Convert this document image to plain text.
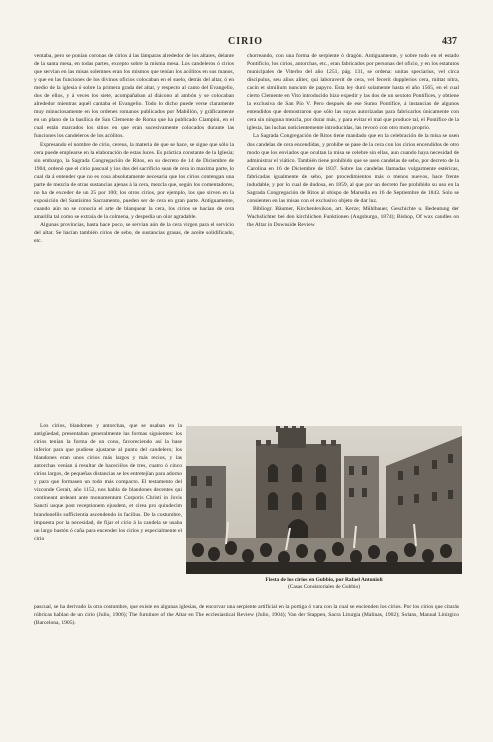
CIRIO	437

ventaba, pero se ponían coronas de cirios á las lámparas alrededor de los altares, delante de la santa mesa, en todas partes, excepto sobre la misma mesa. Los candeleros ó cirios que servían en las misas solemnes eran los mismos que tenían los acólitos en sus manos, y que en las funciones de los divinos oficios colocaban en el suelo, detrás del altar, ó en medio de la iglesia ó sobre la primera grada del altar, y respecto al canto del Evangelio, dos de ellos, y á veces los siete, acompañaban al diácono al ambón y se colocaban alrededor mientras aquél cantaba el Evangelio. Todo lo dicho puede verse claramente muy minuciosamente en los ordenes romanos publicados por Mabillón, y gráficamente en un plano de la basílica de San Clemente de Roma que ha publicado Ciampini, en el cual están marcados los sitios en que eran sucesivamente colocados durante las funciones los candeleros de los acólitos.

Expresando el nombre de cirio, cereus, la materia de que se hace, se sigue que sólo la cera puede emplearse en la elaboración de estas luces. Es práctica constante de la Iglesia; sin embargo, la Sagrada Congregación de Ritos, en su decreto de 14 de Diciembre de 1904, ordenó que el cirio pascual y los dos del sacrificio sean de cera in maxima parte, lo cual da á entender que no es cosa absolutamente necesaria que los cirios contengan una parte de mezcla de otras sustancias ajenas á la cera, mezcla que, según los comentadores, no ha de exceder de un 25 por 100; los otros cirios, por ejemplo, los que sirven en la exposición del Santísimo Sacramento, pueden ser de cera en gran parte. Antiguamente, cuando aún no se conocía el arte de blanquear la cera, los cirios se hacían de cera amarilla tal como se extraía de la colmena, y despedía un olor agradable.

Algunas provincias, hasta hace poco, se servían aún de la cera virgen para el servicio del altar. Se hacían también cirios de sebo, de sustancias grasas, de aceite solidificado, etc.

chorreando, con una forma de serpiente ó dragón. Antiguamente, y sobre todo en el estado Pontificio, los cirios, antorchas, etc., eran fabricados por personas del oficio, y en los estatutos municipales de Viterbo del año 1251, pág. 131, se ordena: unitas speciarius, vel circa discipulus, seu alius aliter, qui laboraverit de cera, vel fecerit dupplerios cera, mittat nitra, cacin et similium nuncum de papyro. Esta ley duró solamente hasta el año 1565, en el cual cierto Clemente en Vito introducido hizo expedir y las dos de un sextoto Pontífices, y obtiene la exclusiva de San Pío V. Pero después de ese Sumo Pontífice, á instancias de algunos entendidos que demostraron que sólo las suyas autorizadas para fabricarlos únicamente con cera sin ninguna mezcla, por durar más, y para evitar el mal que produce tal, el Pontífice de la iglesia, las luchas noticientemente introducidas, las revocó con otro motu proprio.

La Sagrada Congregación de Ritos tiene mandado que en la celebración de la misa se usen dos candelas de cera encendidas, y prohíbe se pase de la cera con los cirios encendidos de otro modo que los enviados que ocultan la misa se celebre sin ellas, aun cuando haya necesidad de administrar el viático. También tiene prohibido que se usen candelas de sebo, por decreto de la Carolina en 16 de Diciembre de 1837. Sobre las candelas llamadas vulgarmente estéricas, fabricadas igualmente de sebo, por procedimientos más o menos nuevos, hace frente indudable, y por lo cual de dudosa, en 1859, al que por un decreto fue prohibido su uso en la Sagrada Congregación de Ritos al obispo de Marsella en 16 de Septiembre de 1843. Solo se consienten en las misas con el exclusivo objeto de dar luz.

Bibliogr. Bäumer, Kirchenlexikon, art. Kerze; Mühlbauer, Geschichte u. Bedeutung der Wachslichter bei den kirchlichen Funktionen (Augsburgo, 1874); Bishop, Of wax candles on the Altar in Downside Review

Los cirios, blandones y antorchas, que se usaban en la antigüedad, presentaban generalmente las formas siguientes: los cirios tenían la forma de un cono, favoreciendo así la base inferior para que pudiese ajustarse al punto del candelero; los blandones eran unos cirios más largos y más recios, y las antorchas venían á resultar de haceciilos de tres, cuatro ó cinco cirios largos, de pequeñas distancias se les entretejían para adorno y para que formasen un todo más compacto. El testamento del vizconde Gerait, año 1152, nos habla de blandones decentes qui contineant ardeant ante monumentum Corporis Christi in Jovis Sancti usque post receptionem ejusdem, et cirea pro quindecim brandonellis sufficientia ascendendo in facilius. De la costumbre, impuesta por la necesidad, de fijar el cirio á la candela se usaba un largo bastón ó caña para encender los cirios y especialmente el cirio

Fiesta de los cirios en Gubbio, por Rafael Antonioli
(Casas Consistoriales de Gubbio)

pascual, se ha derivado la otra costumbre, que existe en algunas iglesias, de encorvar una serpiente artificial en la portiga ó vara con la cual se encienden los cirios. Por los cirios que citarás rúbricas hablan de un cirio (Julio, 1906); The furniture of the Altar en The ecclesiastical Review (Julio, 1904); Van der Stappen, Sacra Liturgia (Malinas, 1902); Solans, Manual Litúrgico (Barcelona, 1905).
